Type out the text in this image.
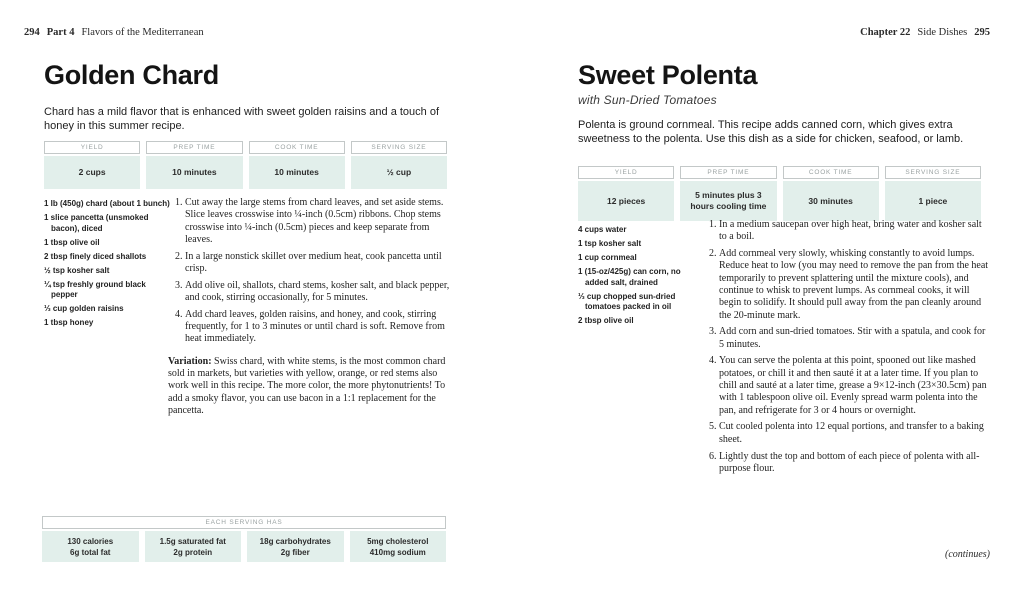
294 Part 4 Flavors of the Mediterranean	Chapter 22 Side Dishes 295
Golden Chard

Chard has a mild flavor that is enhanced with sweet golden raisins and a touch of honey in this summer recipe.

YIELD
2 cups
PREP TIME
10 minutes
COOK TIME
10 minutes
SERVING SIZE
½ cup

1 lb (450g) chard (about 1 bunch)

1 slice pancetta (unsmoked bacon), diced

1 tbsp olive oil

2 tbsp finely diced shallots

½ tsp kosher salt

¼ tsp freshly ground black pepper

⅓ cup golden raisins

1 tbsp honey

1. Cut away the large stems from chard leaves, and set aside stems. Slice leaves crosswise into ¼-inch (0.5cm) ribbons. Chop stems crosswise into ¼-inch (0.5cm) pieces and keep separate from leaves.
2. In a large nonstick skillet over medium heat, cook pancetta until crisp.
3. Add olive oil, shallots, chard stems, kosher salt, and black pepper, and cook, stirring occasionally, for 5 minutes.
4. Add chard leaves, golden raisins, and honey, and cook, stirring frequently, for 1 to 3 minutes or until chard is soft. Remove from heat immediately.

Variation: Swiss chard, with white stems, is the most common chard sold in markets, but varieties with yellow, orange, or red stems also work well in this recipe. The more color, the more phytonutrients! To add a smoky flavor, you can use bacon in a 1:1 replacement for the pancetta.

EACH SERVING HAS
130 calories
6g total fat
1.5g saturated fat
2g protein
18g carbohydrates
2g fiber
5mg cholesterol
410mg sodium
Sweet Polenta
with Sun-Dried Tomatoes

Polenta is ground cornmeal. This recipe adds canned corn, which gives extra sweetness to the polenta. Use this dish as a side for chicken, seafood, or lamb.

YIELD
12 pieces
PREP TIME
5 minutes plus 3 hours cooling time
COOK TIME
30 minutes
SERVING SIZE
1 piece

4 cups water

1 tsp kosher salt

1 cup cornmeal

1 (15-oz/425g) can corn, no added salt, drained

⅓ cup chopped sun-dried tomatoes packed in oil

2 tbsp olive oil

1. In a medium saucepan over high heat, bring water and kosher salt to a boil.
2. Add cornmeal very slowly, whisking constantly to avoid lumps. Reduce heat to low (you may need to remove the pan from the heat temporarily to prevent splattering until the mixture cools), and continue to whisk to prevent lumps. As cornmeal cooks, it will begin to solidify. It should pull away from the pan cleanly around the 20-minute mark.
3. Add corn and sun-dried tomatoes. Stir with a spatula, and cook for 5 minutes.
4. You can serve the polenta at this point, spooned out like mashed potatoes, or chill it and then sauté it at a later time. If you plan to chill and sauté at a later time, grease a 9×12-inch (23×30.5cm) pan with 1 tablespoon olive oil. Evenly spread warm polenta into the pan, and refrigerate for 3 or 4 hours or overnight.
5. Cut cooled polenta into 12 equal portions, and transfer to a baking sheet.
6. Lightly dust the top and bottom of each piece of polenta with all-purpose flour.
(continues)
